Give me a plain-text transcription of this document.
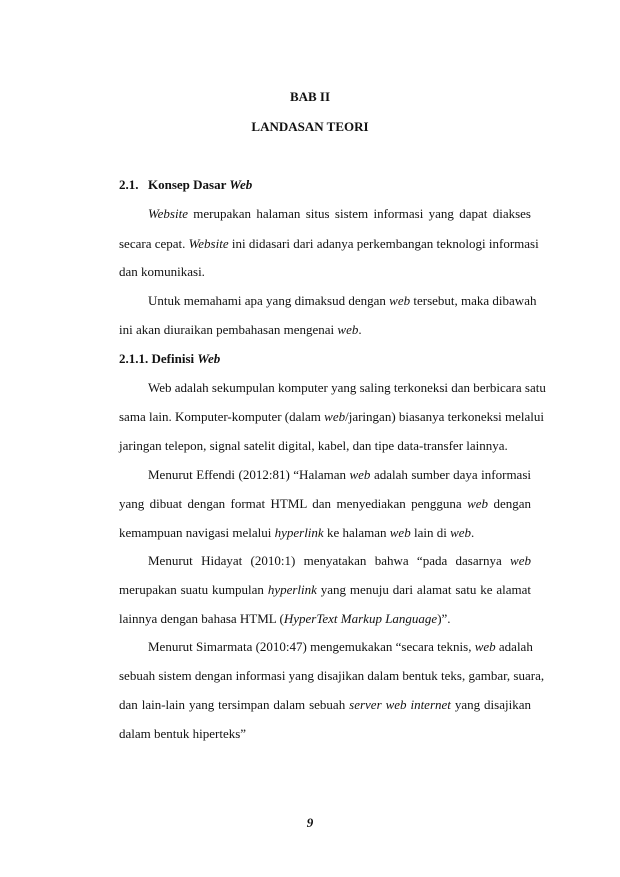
BAB II
LANDASAN TEORI
2.1. Konsep Dasar Web
Website merupakan halaman situs sistem informasi yang dapat diakses
secara cepat. Website ini didasari dari adanya perkembangan teknologi informasi
dan komunikasi.
Untuk memahami apa yang dimaksud dengan web tersebut, maka dibawah
ini akan diuraikan pembahasan mengenai web.
2.1.1. Definisi Web
Web adalah sekumpulan komputer yang saling terkoneksi dan berbicara satu
sama lain. Komputer-komputer (dalam web/jaringan) biasanya terkoneksi melalui
jaringan telepon, signal satelit digital, kabel, dan tipe data-transfer lainnya.
Menurut Effendi (2012:81) “Halaman web adalah sumber daya informasi
yang dibuat dengan format HTML dan menyediakan pengguna web dengan
kemampuan navigasi melalui hyperlink ke halaman web lain di web.
Menurut Hidayat (2010:1) menyatakan bahwa “pada dasarnya web
merupakan suatu kumpulan hyperlink yang menuju dari alamat satu ke alamat
lainnya dengan bahasa HTML (HyperText Markup Language)”.
Menurut Simarmata (2010:47) mengemukakan “secara teknis, web adalah
sebuah sistem dengan informasi yang disajikan dalam bentuk teks, gambar, suara,
dan lain-lain yang tersimpan dalam sebuah server web internet yang disajikan
dalam bentuk hiperteks”
9
